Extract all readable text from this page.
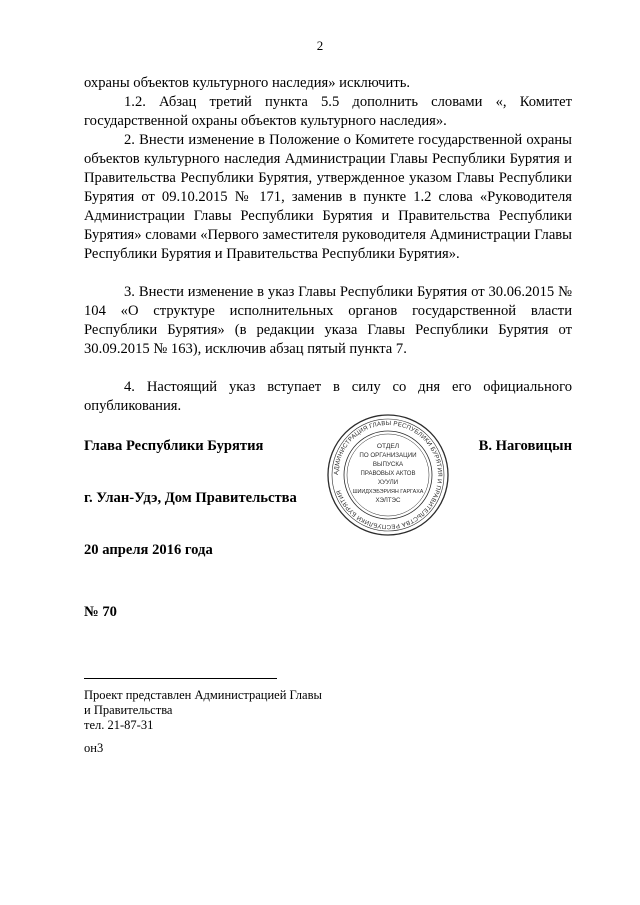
2

охраны объектов культурного наследия» исключить.

1.2. Абзац третий пункта 5.5 дополнить словами «, Комитет государственной охраны объектов культурного наследия».

2. Внести изменение в Положение о Комитете государственной охраны объектов культурного наследия Администрации Главы Республики Бурятия и Правительства Республики Бурятия, утвержденное указом Главы Республики Бурятия от 09.10.2015 № 171, заменив в пункте 1.2 слова «Руководителя Администрации Главы Республики Бурятия и Правительства Республики Бурятия» словами «Первого заместителя руководителя Администрации Главы Республики Бурятия и Правительства Республики Бурятия».

3. Внести изменение в указ Главы Республики Бурятия от 30.06.2015 № 104 «О структуре исполнительных органов государственной власти Республики Бурятия» (в редакции указа Главы Республики Бурятия от 30.09.2015 № 163), исключив абзац пятый пункта 7.

4. Настоящий указ вступает в силу со дня его официального опубликования.

Глава Республики Бурятия	В. Наговицын
г. Улан-Удэ, Дом Правительства
20 апреля 2016 года
№ 70
АДМИНИСТРАЦИЯ ГЛАВЫ РЕСПУБЛИКИ БУРЯТИЯ И ПРАВИТЕЛЬСТВА РЕСПУБЛИКИ БУРЯТИЯ
ОТДЕЛ
ПО ОРГАНИЗАЦИИ
ВЫПУСКА
ПРАВОВЫХ АКТОВ
ХУУЛИ
ШИИДХЭБЭРИЯН ГАРГАХА
ХЭЛТЭС
Проект представлен Администрацией Главы
и Правительства
тел. 21-87-31
он3
